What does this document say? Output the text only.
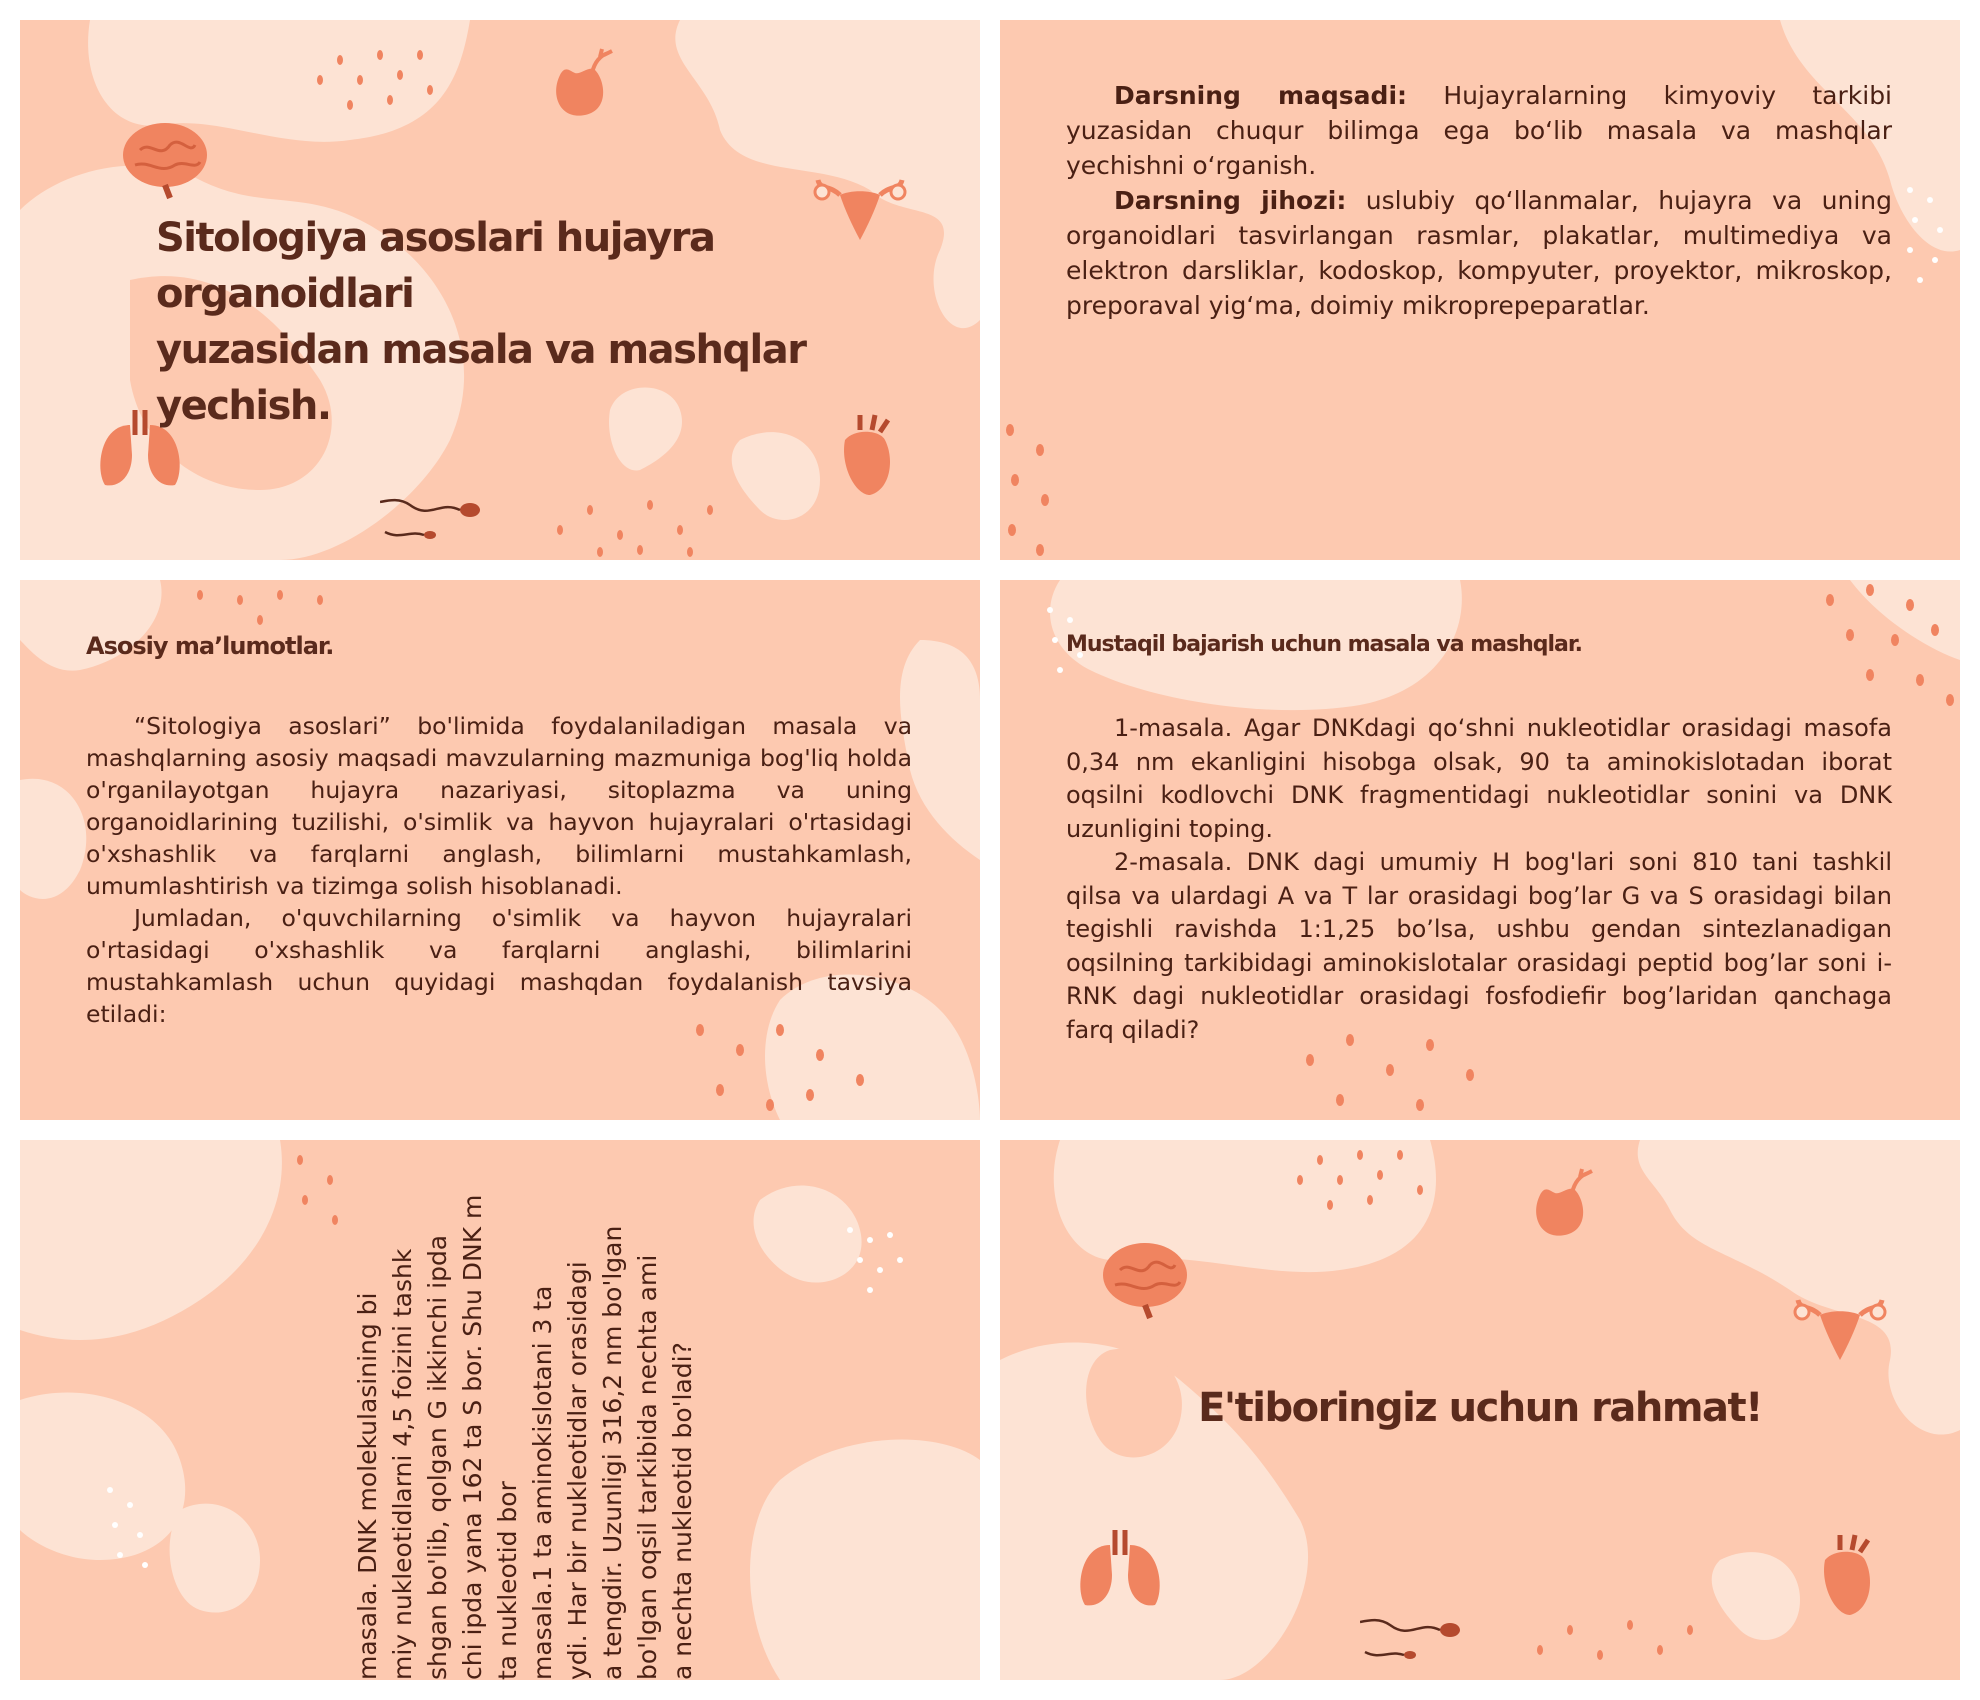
Sitologiya asoslari hujayra organoidlari
yuzasidan masala va mashqlar yechish.

Darsning maqsadi: Hujayralarning kimyoviy tarkibi yuzasidan chuqur bilimga ega bo‘lib masala va mashqlar yechishni o‘rganish.

Darsning jihozi: uslubiy qo‘llanmalar, hujayra va uning organoidlari tasvirlangan rasmlar, plakatlar, multimediya va elektron darsliklar, kodoskop, kompyuter, proyektor, mikroskop, preporaval yig‘ma, doimiy mikroprepeparatlar.

Asosiy ma’lumotlar.

“Sitologiya asoslari” bo'limida foydalaniladigan masala va mashqlarning asosiy maqsadi mavzularning mazmuniga bog'liq holda o'rganilayotgan hujayra nazariyasi, sitoplazma va uning organoidlarining tuzilishi, o'simlik va hayvon hujayralari o'rtasidagi o'xshashlik va farqlarni anglash, bilimlarni mustahkamlash, umumlashtirish va tizimga solish hisoblanadi.

Jumladan, o'quvchilarning o'simlik va hayvon hujayralari o'rtasidagi o'xshashlik va farqlarni anglashi, bilimlarini mustahkamlash uchun quyidagi mashqdan foydalanish tavsiya etiladi:

Mustaqil bajarish uchun masala va mashqlar.

1-masala. Agar DNKdagi qo‘shni nukleotidlar orasidagi masofa 0,34 nm ekanligini hisobga olsak, 90 ta aminokislotadan iborat oqsilni kodlovchi DNK fragmentidagi nukleotidlar sonini va DNK uzunligini toping.

2-masala. DNK dagi umumiy H bog'lari soni 810 tani tashkil qilsa va ulardagi A va T lar orasidagi bog’lar G va S orasidagi bilan tegishli ravishda 1:1,25 bo’lsa, ushbu gendan sintezlanadigan oqsilning tarkibidagi aminokislotalar orasidagi peptid bog’lar soni i-RNK dagi nukleotidlar orasidagi fosfodiefir bog’laridan qanchaga farq qiladi?

masala. DNK molekulasining bi miy nukleotidlarni 4,5 foizini tashk shgan bo'lib, qolgan G ikkinchi ipda chi ipda yana 162 ta S bor. Shu DNK m ta nukleotid bor masala.1 ta aminokislotani 3 ta ydi. Har bir nukleotidlar orasidagi a tengdir. Uzunligi 316,2 nm bo'lgan bo'lgan oqsil tarkibida nechta ami a nechta nukleotid bo'ladi?	E'tiboringiz uchun rahmat!
